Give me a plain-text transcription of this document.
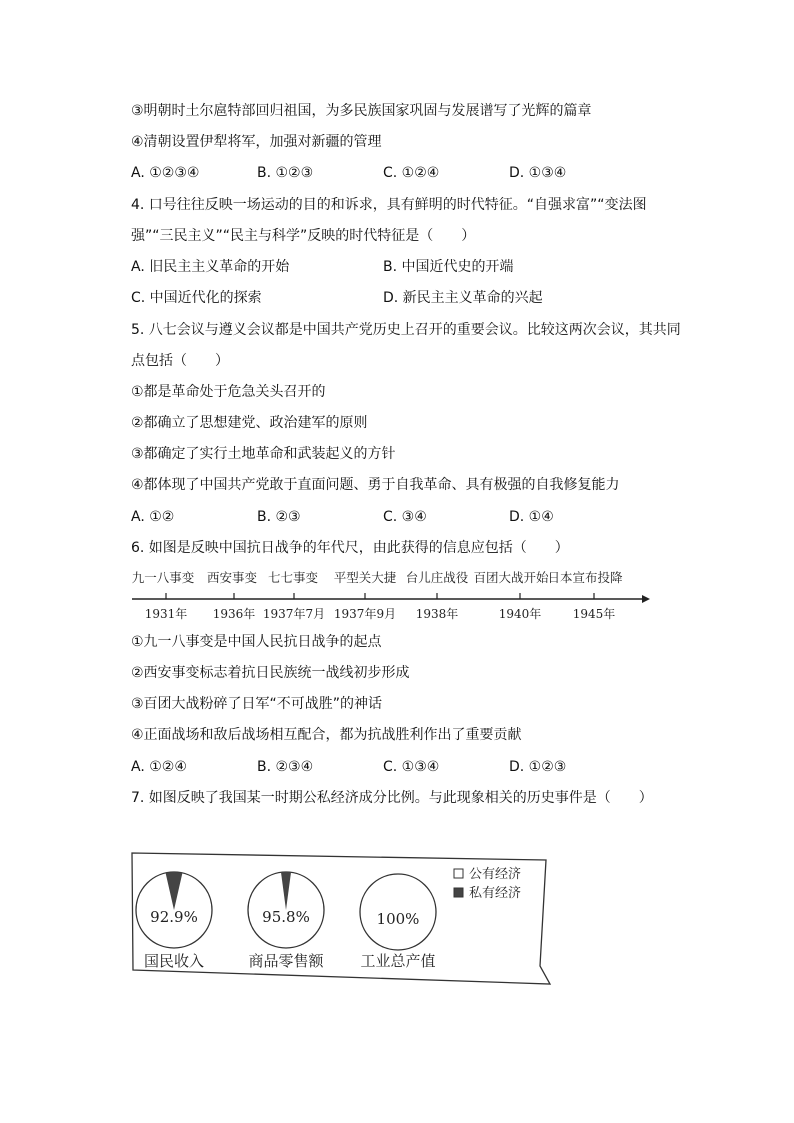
③明朝时土尔扈特部回归祖国，为多民族国家巩固与发展谱写了光辉的篇章
④清朝设置伊犁将军，加强对新疆的管理
A. ①②③④	B. ①②③	C. ①②④	D. ①③④
4. 口号往往反映一场运动的目的和诉求，具有鲜明的时代特征。“自强求富”“变法图
强”“三民主义”“民主与科学”反映的时代特征是（　　）
A. 旧民主主义革命的开始	B. 中国近代史的开端
C. 中国近代化的探索	D. 新民主主义革命的兴起
5. 八七会议与遵义会议都是中国共产党历史上召开的重要会议。比较这两次会议，其共同
点包括（　　）
①都是革命处于危急关头召开的
②都确立了思想建党、政治建军的原则
③都确定了实行土地革命和武装起义的方针
④都体现了中国共产党敢于直面问题、勇于自我革命、具有极强的自我修复能力
A. ①②	B. ②③	C. ③④	D. ①④
6. 如图是反映中国抗日战争的年代尺，由此获得的信息应包括（　　）
九一八事变 西安事变 七七事变 平型关大捷 台儿庄战役 百团大战开始
日本宣布投降
1931年 1936年 1937年7月 1937年9月 1938年	1940年	1945年
①九一八事变是中国人民抗日战争的起点
②西安事变标志着抗日民族统一战线初步形成
③百团大战粉碎了日军“不可战胜”的神话
④正面战场和敌后战场相互配合，都为抗战胜利作出了重要贡献
A. ①②④	B. ②③④	C. ①③④	D. ①②③
7. 如图反映了我国某一时期公私经济成分比例。与此现象相关的历史事件是（　　）
92.9%
国民收入
95.8%
商品零售额
100%
工业总产值
公有经济
私有经济
